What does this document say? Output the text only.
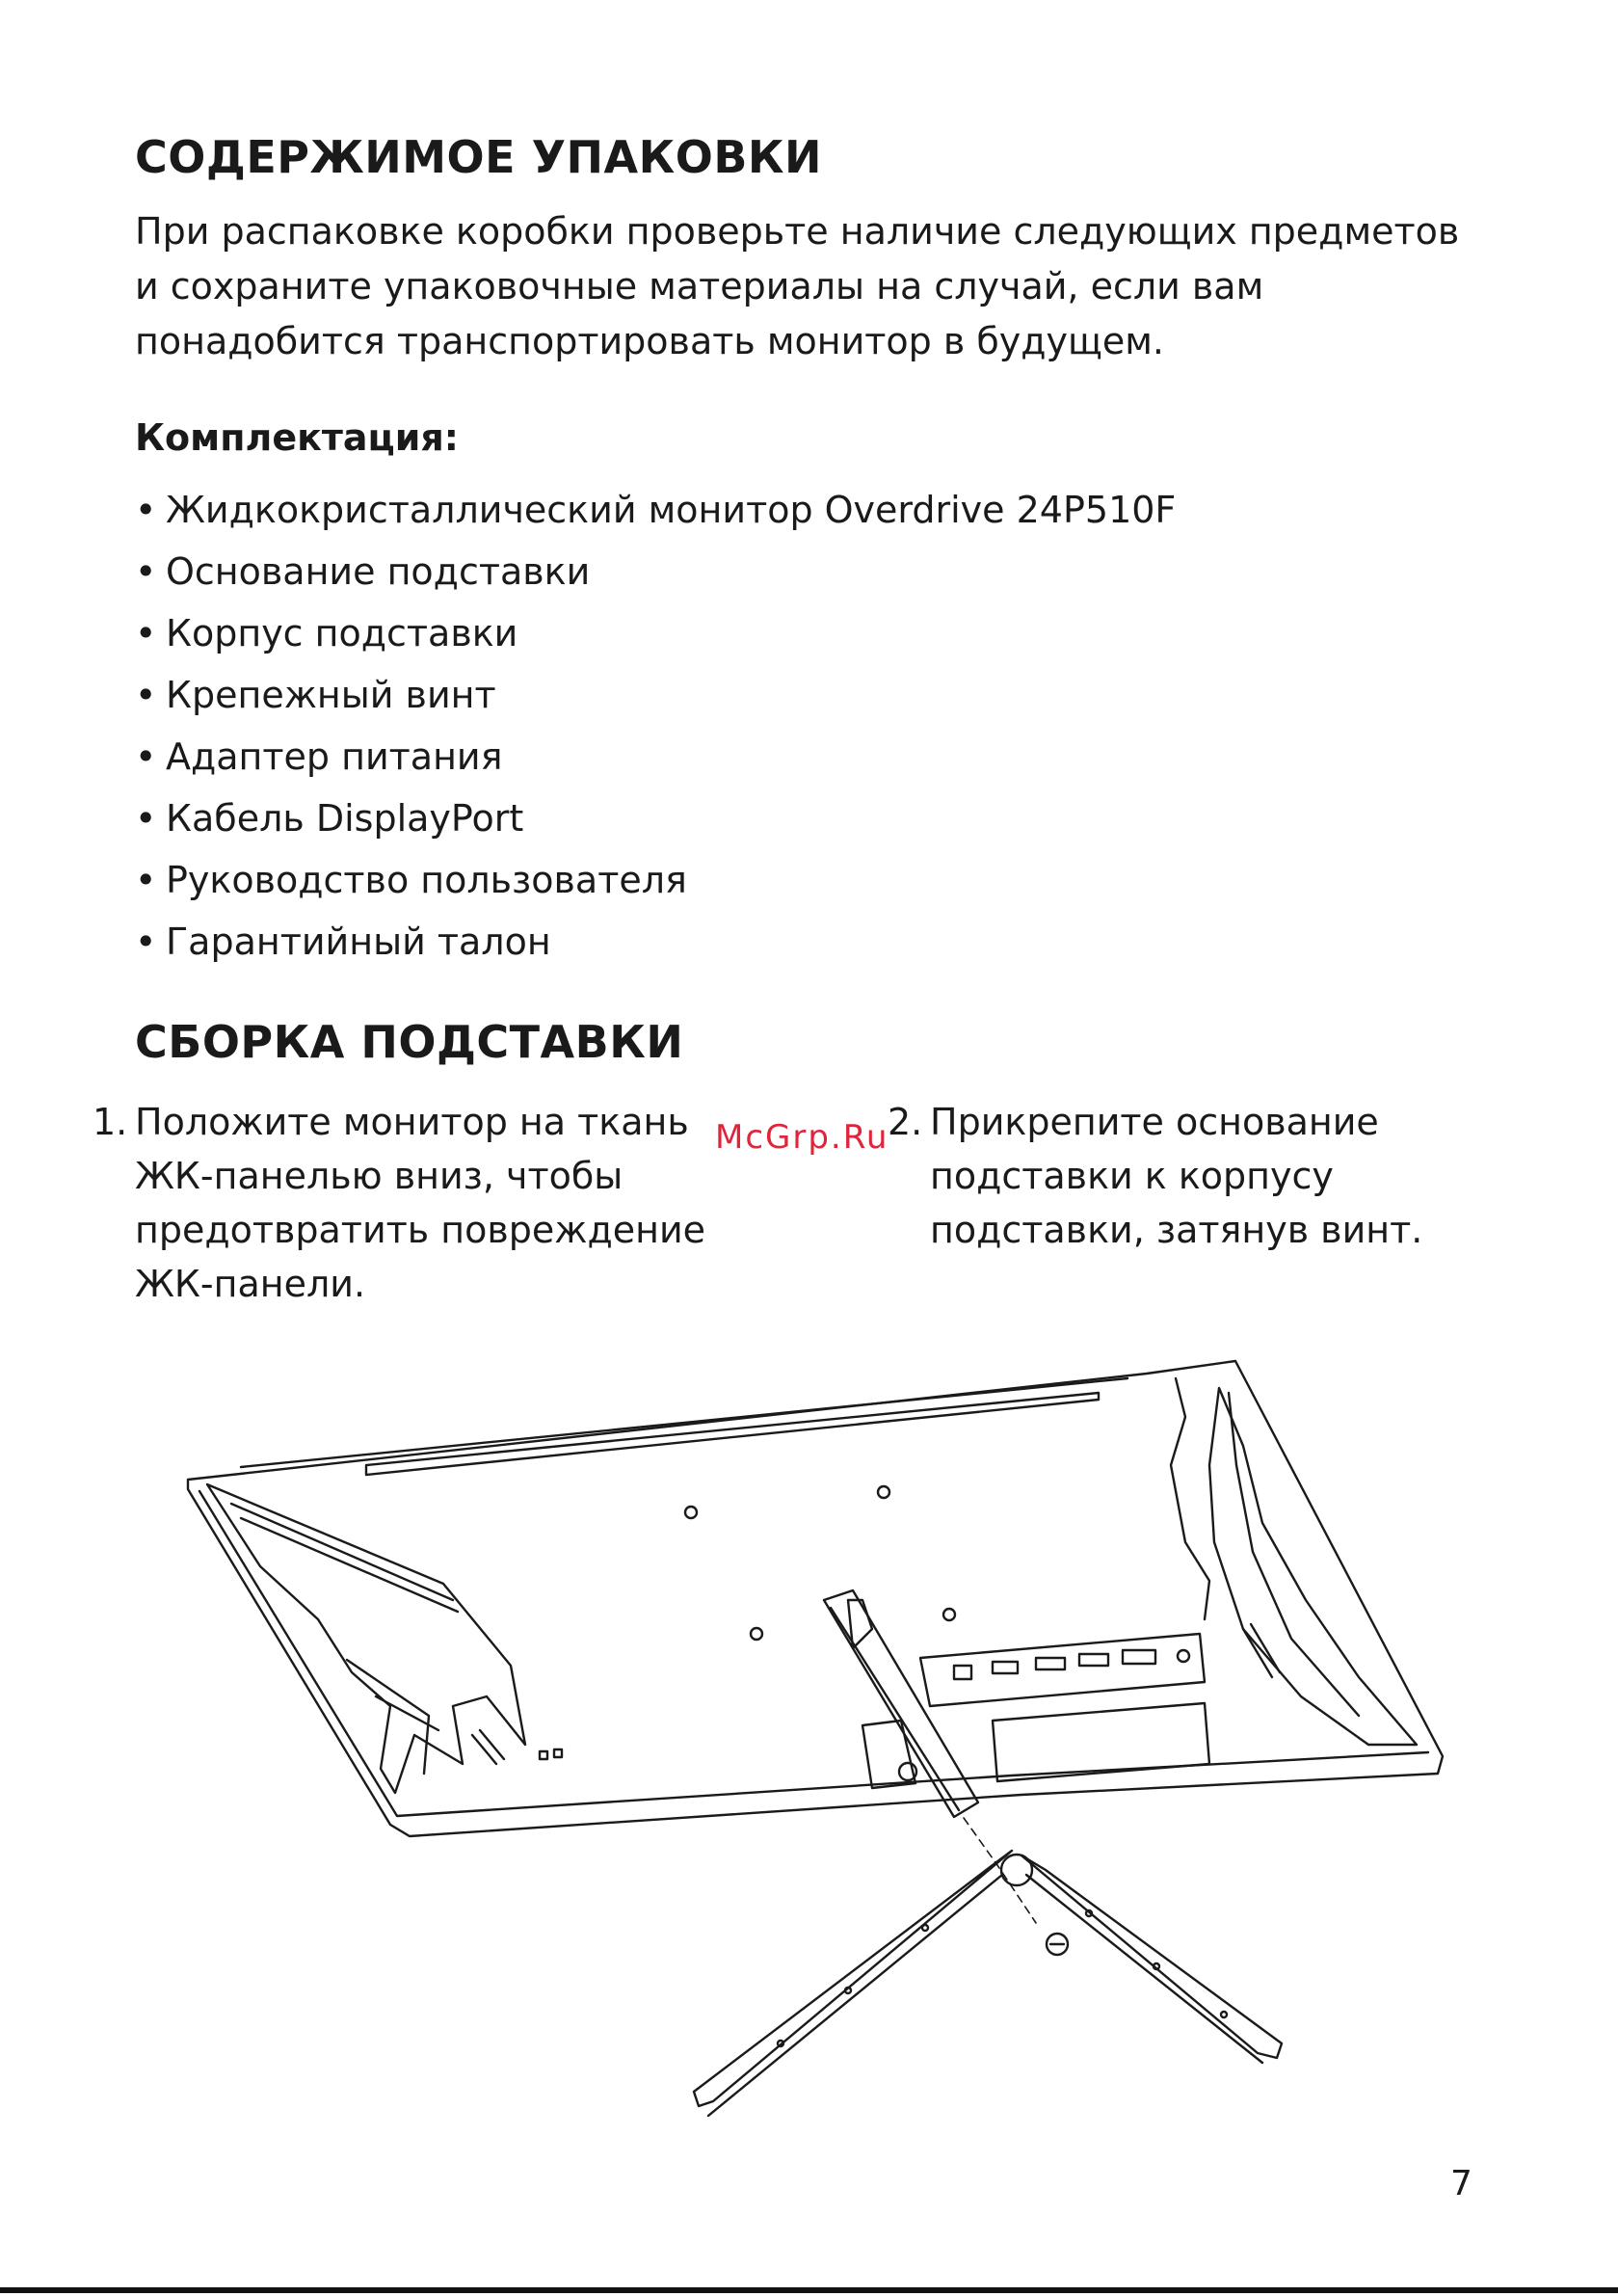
СОДЕРЖИМОЕ УПАКОВКИ
При распаковке коробки проверьте наличие следующих предметов
и сохраните упаковочные материалы на случай, если вам
понадобится транспортировать монитор в будущем.
Комплектация:
• Жидкокристаллический монитор Overdrive 24P510F
• Основание подставки
• Корпус подставки
• Крепежный винт
• Адаптер питания
• Кабель DisplayPort
• Руководство пользователя
• Гарантийный талон
СБОРКА ПОДСТАВКИ
1. Положите монитор на ткань
ЖК-панелью вниз, чтобы
предотвратить повреждение
ЖК-панели.
2. Прикрепите основание
подставки к корпусу
подставки, затянув винт.
McGrp.Ru
7
